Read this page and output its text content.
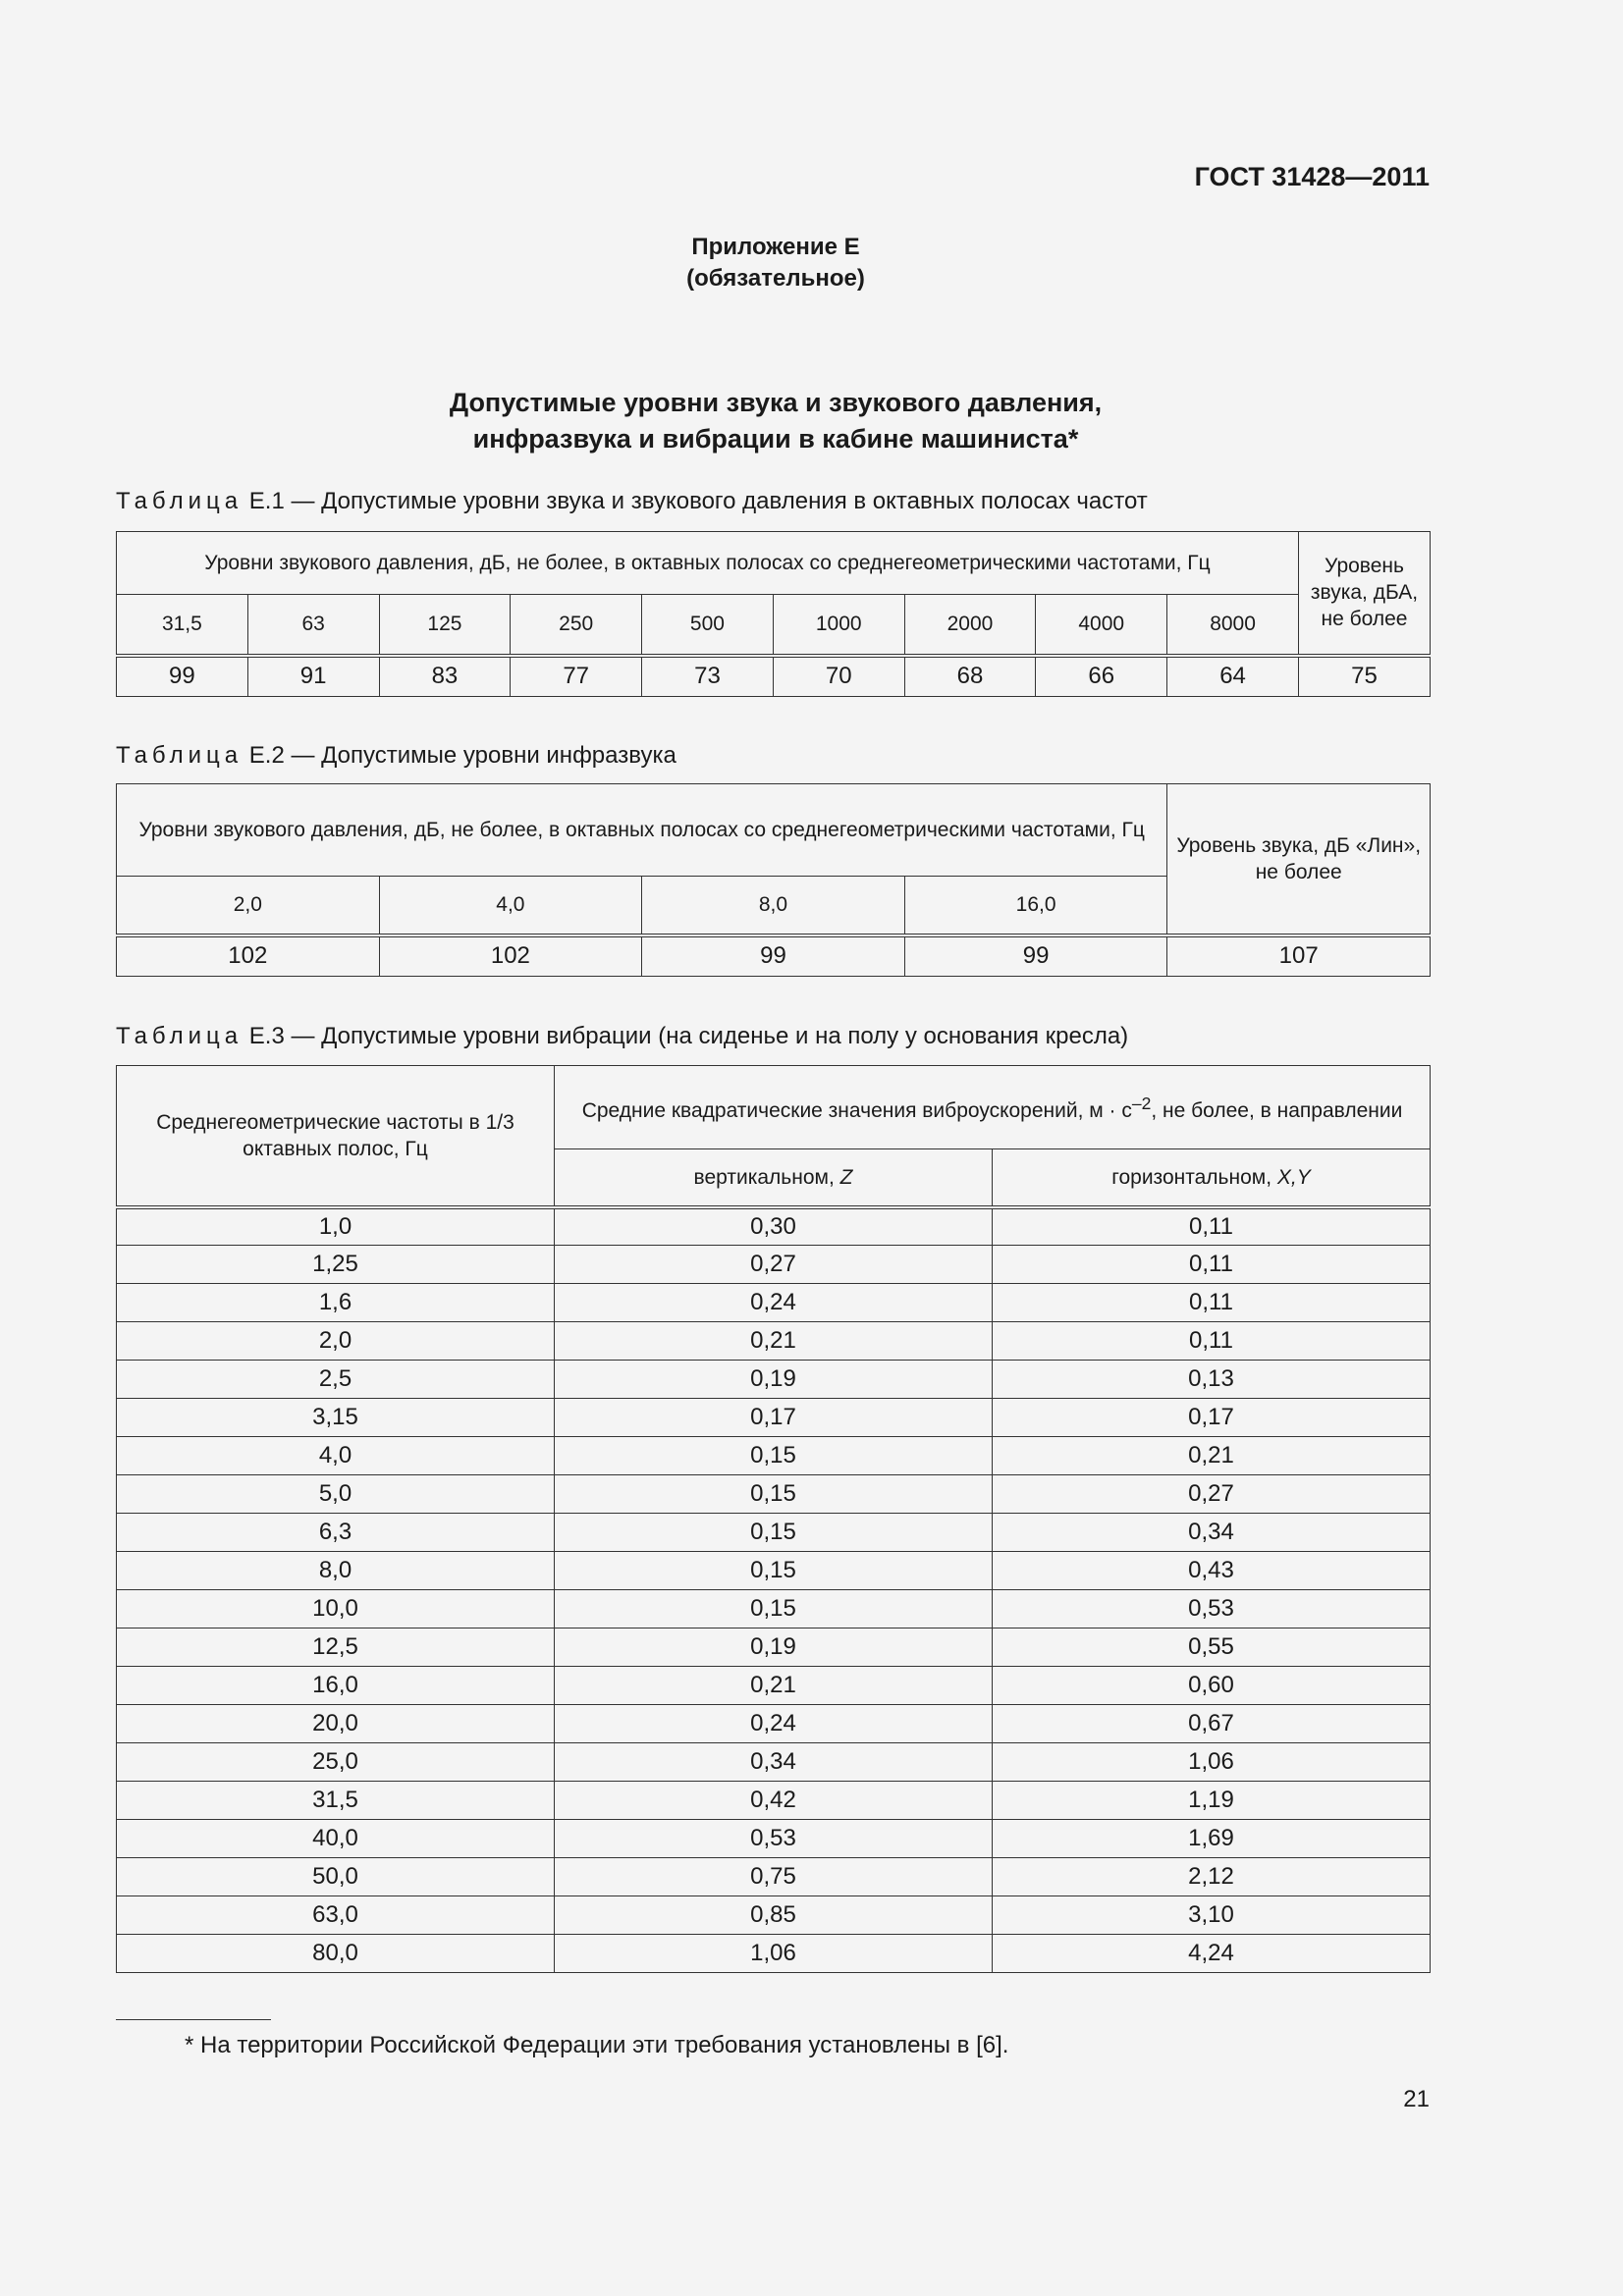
ГОСТ 31428—2011
Приложение Е
(обязательное)
Допустимые уровни звука и звукового давления,
инфразвука и вибрации в кабине машиниста*
Таблица Е.1 — Допустимые уровни звука и звукового давления в октавных полосах частот
Уровни звукового давления, дБ, не более, в октавных полосах со среднегеометрическими частотами, Гц									Уровень звука, дБА, не более
31,5	63	125	250	500	1000	2000	4000	8000	
99	91	83	77	73	70	68	66	64	75
Таблица Е.2 — Допустимые уровни инфразвука
Уровни звукового давления, дБ, не более, в октавных полосах со среднегеометрическими частотами, Гц				Уровень звука, дБ «Лин», не более
2,0	4,0	8,0	16,0	
102	102	99	99	107
Таблица Е.3 — Допустимые уровни вибрации (на сиденье и на полу у основания кресла)
Среднегеометрические частоты в 1/3 октавных полос, Гц	Средние квадратические значения виброускорений, $м \cdot с^{-2}$, не более, в направлении	
	вертикальном, Z	горизонтальном, X,Y
1,0	0,30	0,11
1,25	0,27	0,11
1,6	0,24	0,11
2,0	0,21	0,11
2,5	0,19	0,13
3,15	0,17	0,17
4,0	0,15	0,21
5,0	0,15	0,27
6,3	0,15	0,34
8,0	0,15	0,43
10,0	0,15	0,53
12,5	0,19	0,55
16,0	0,21	0,60
20,0	0,24	0,67
25,0	0,34	1,06
31,5	0,42	1,19
40,0	0,53	1,69
50,0	0,75	2,12
63,0	0,85	3,10
80,0	1,06	4,24
* На территории Российской Федерации эти требования установлены в [6].
21
